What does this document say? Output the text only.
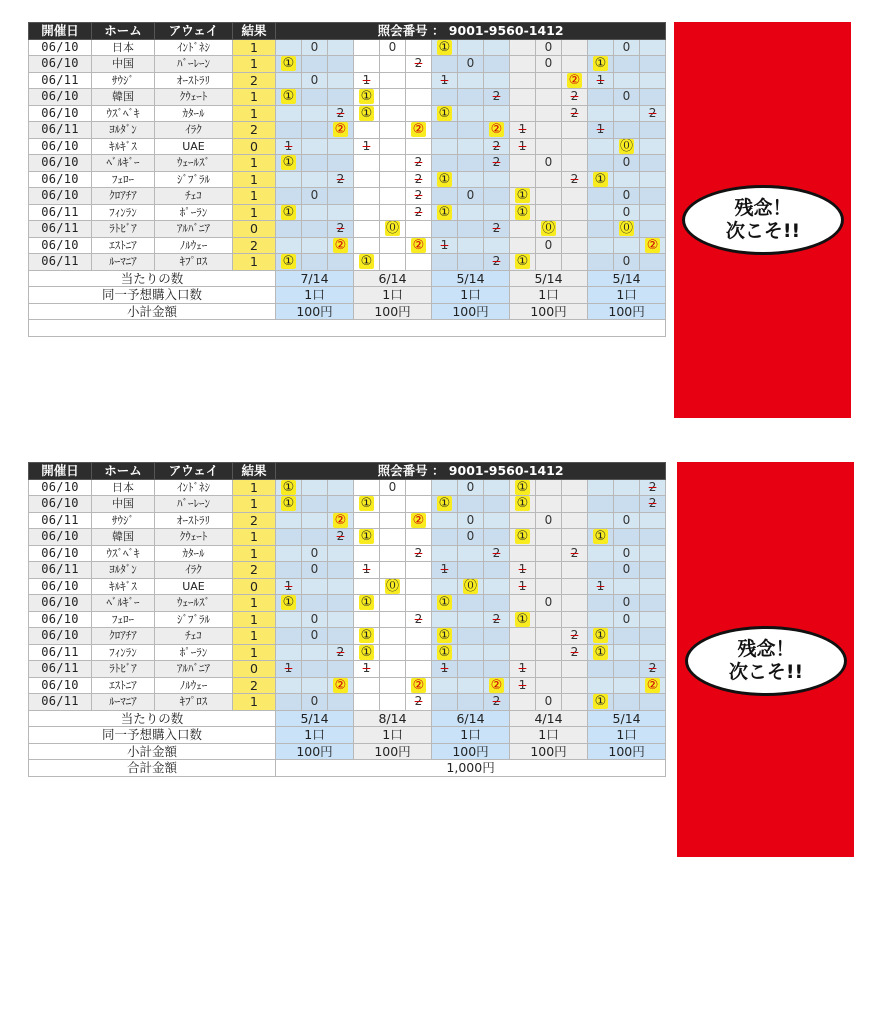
開催日	ホーム	アウェイ	結果	照会番号 ： 9001-9560-1412														
06/10	日本	ｲﾝﾄﾞﾈｼ	1		0			0		①				0			0	
06/10	中国	ﾊﾞｰﾚｰﾝ	1	①					2		0			0		①		
06/11	ｻｳｼﾞ	ｵｰｽﾄﾗﾘ	2		0		1			1					②	1		
06/10	韓国	ｸｳｪｰﾄ	1	①			①					2			2		0	
06/10	ｳｽﾞﾍﾞｷ	ｶﾀｰﾙ	1			2	①			①					2			2
06/11	ﾖﾙﾀﾞﾝ	ｲﾗｸ	2			②			②			②	1			1		
06/10	ｷﾙｷﾞｽ	UAE	0	1			1					2	1				⓪	
06/10	ﾍﾞﾙｷﾞｰ	ｳｪｰﾙｽﾞ	1	①					2			2		0			0	
06/10	ﾌｪﾛｰ	ｼﾞﾌﾞﾗﾙ	1			2			2	①					2	①		
06/10	ｸﾛｱﾁｱ	ﾁｪｺ	1		0				2		0		①				0	
06/11	ﾌｨﾝﾗﾝ	ﾎﾟｰﾗﾝ	1	①					2	①			①				0	
06/11	ﾗﾄﾋﾞｱ	ｱﾙﾊﾞﾆｱ	0			2		⓪				2		⓪			⓪	
06/10	ｴｽﾄﾆｱ	ﾉﾙｳｪｰ	2			②			②	1				0				②
06/11	ﾙｰﾏﾆｱ	ｷﾌﾟﾛｽ	1	①			①					2	①				0	
当たりの数				7/14			6/14			5/14			5/14			5/14		
同一予想購入口数				1口			1口			1口			1口			1口		
小計金額				100円			100円			100円			100円			100円		

残念！
次こそ!!
開催日	ホーム	アウェイ	結果	照会番号 ： 9001-9560-1412														
06/10	日本	ｲﾝﾄﾞﾈｼ	1	①				0			0		①					2
06/10	中国	ﾊﾞｰﾚｰﾝ	1	①			①			①			①					2
06/11	ｻｳｼﾞ	ｵｰｽﾄﾗﾘ	2			②			②		0			0			0	
06/10	韓国	ｸｳｪｰﾄ	1			2	①				0		①			①		
06/10	ｳｽﾞﾍﾞｷ	ｶﾀｰﾙ	1		0				2			2			2		0	
06/11	ﾖﾙﾀﾞﾝ	ｲﾗｸ	2		0		1			1			1				0	
06/10	ｷﾙｷﾞｽ	UAE	0	1				⓪			⓪		1			1		
06/10	ﾍﾞﾙｷﾞｰ	ｳｪｰﾙｽﾞ	1	①			①			①				0			0	
06/10	ﾌｪﾛｰ	ｼﾞﾌﾞﾗﾙ	1		0				2			2	①				0	
06/10	ｸﾛｱﾁｱ	ﾁｪｺ	1		0		①			①					2	①		
06/11	ﾌｨﾝﾗﾝ	ﾎﾟｰﾗﾝ	1			2	①			①					2	①		
06/11	ﾗﾄﾋﾞｱ	ｱﾙﾊﾞﾆｱ	0	1			1			1			1					2
06/10	ｴｽﾄﾆｱ	ﾉﾙｳｪｰ	2			②			②			②	1					②
06/11	ﾙｰﾏﾆｱ	ｷﾌﾟﾛｽ	1		0				2			2		0		①		
当たりの数				5/14			8/14			6/14			4/14			5/14		
同一予想購入口数				1口			1口			1口			1口			1口		
小計金額				100円			100円			100円			100円			100円		
合計金額				1,000円														
残念！
次こそ!!
